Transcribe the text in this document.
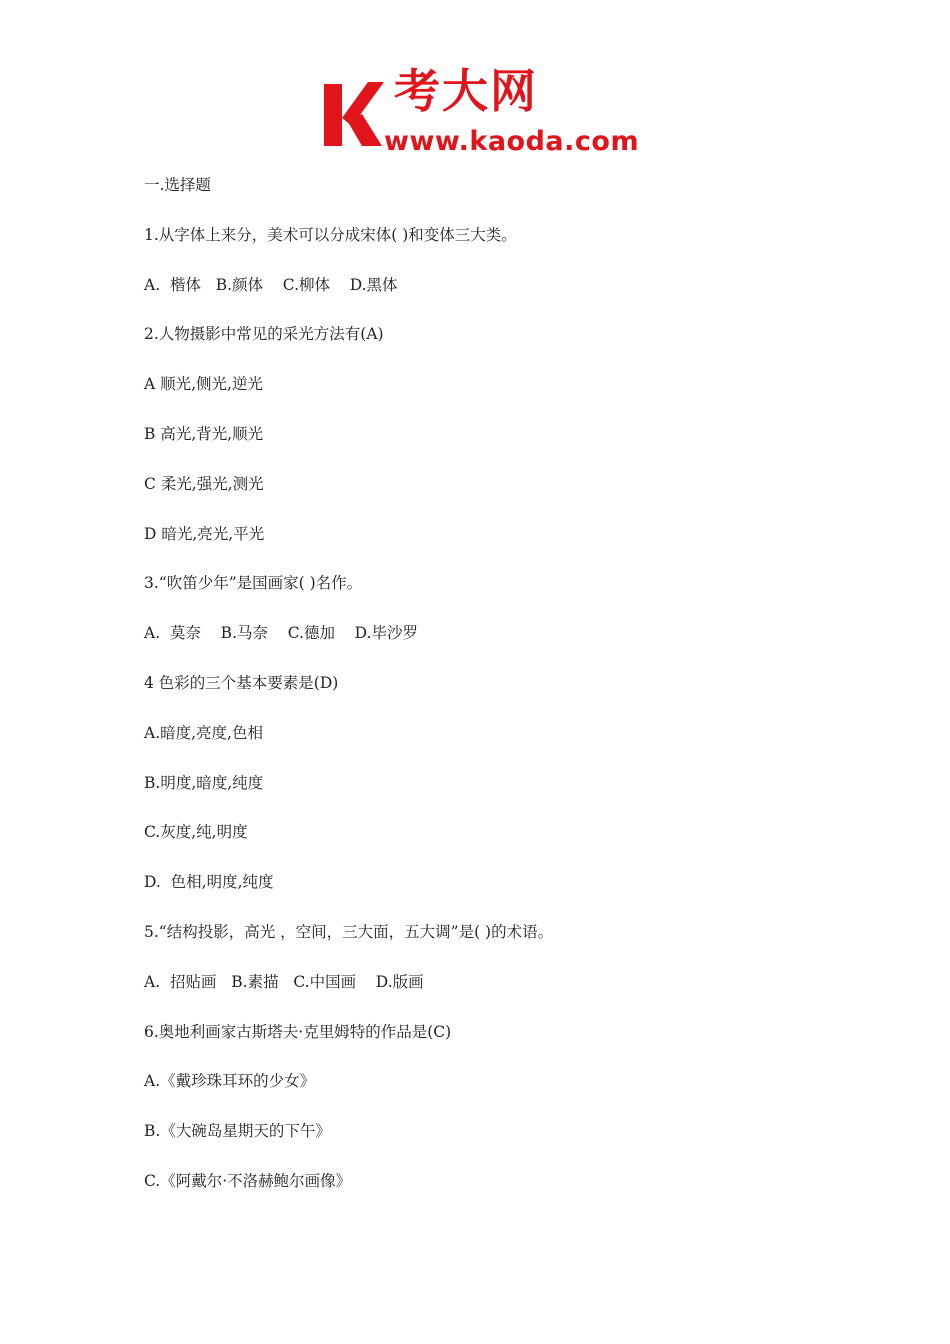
考大网
www.kaoda.com
一.选择题
1.从字体上来分，美术可以分成宋体( )和变体三大类。
A.  楷体   B.颜体    C.柳体    D.黑体
2.人物摄影中常见的采光方法有(A)
A 顺光,侧光,逆光
B 高光,背光,顺光
C 柔光,强光,测光
D 暗光,亮光,平光
3.“吹笛少年”是国画家( )名作。
A.  莫奈    B.马奈    C.德加    D.毕沙罗
4 色彩的三个基本要素是(D)
A.暗度,亮度,色相
B.明度,暗度,纯度
C.灰度,纯,明度
D.  色相,明度,纯度
5.“结构投影，高光 ，空间，三大面，五大调”是( )的术语。
A.  招贴画   B.素描   C.中国画    D.版画
6.奥地利画家古斯塔夫·克里姆特的作品是(C)
A.《戴珍珠耳环的少女》
B.《大碗岛星期天的下午》
C.《阿戴尔·不洛赫鲍尔画像》
